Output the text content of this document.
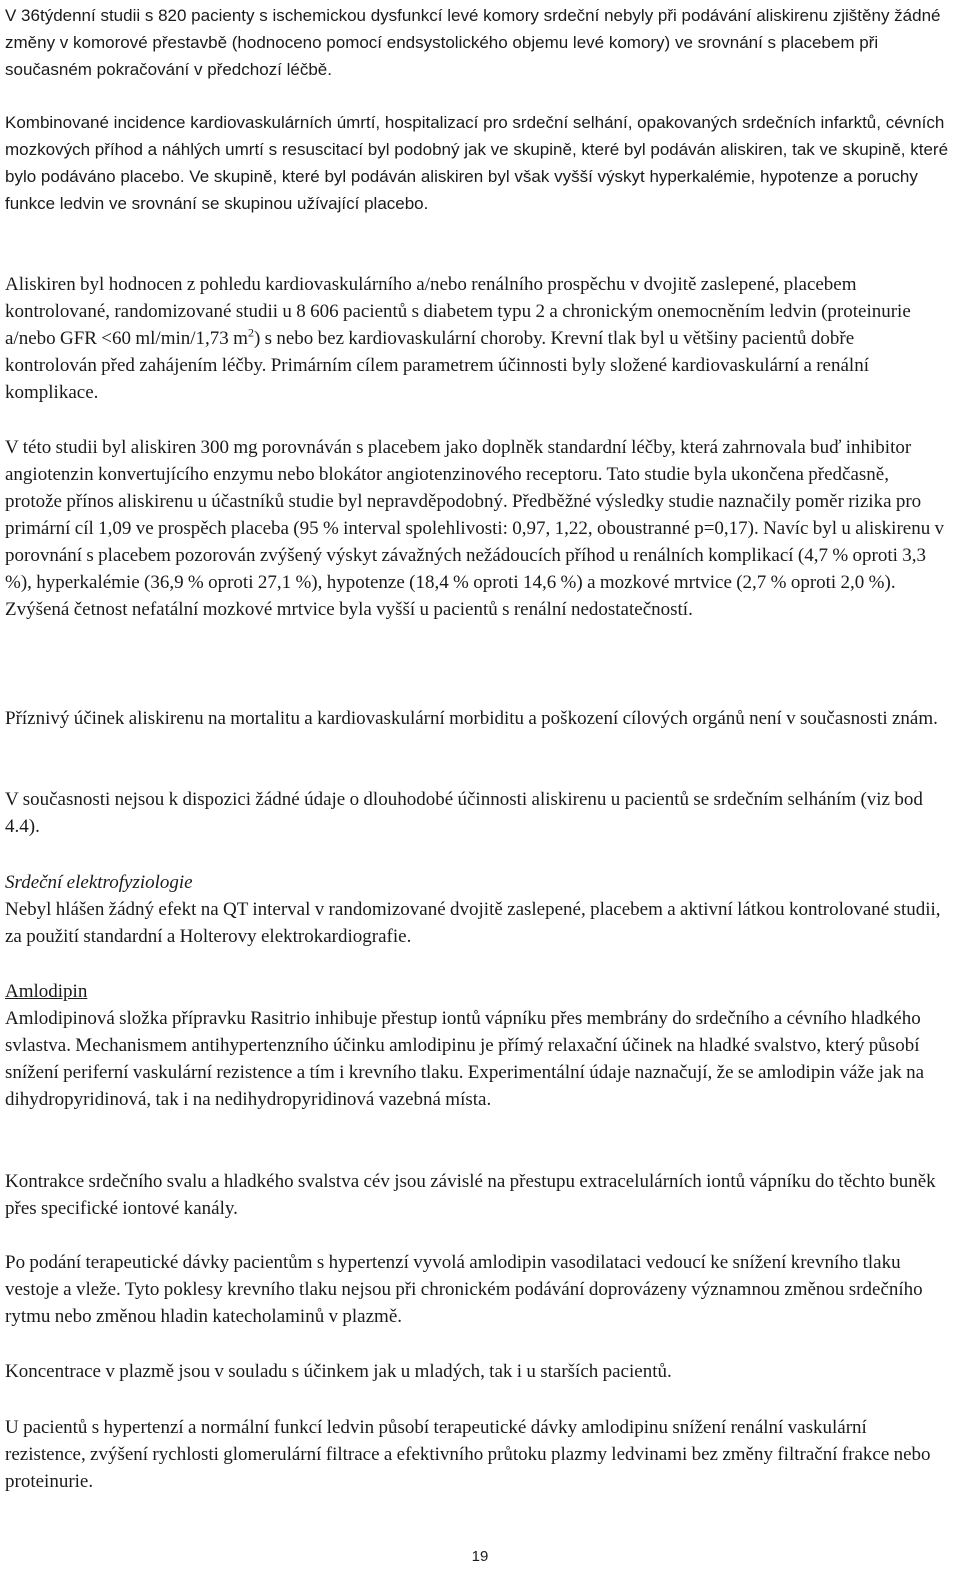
V 36týdenní studii s 820 pacienty s ischemickou dysfunkcí levé komory srdeční nebyly při podávání aliskirenu zjištěny žádné změny v komorové přestavbě (hodnoceno pomocí endsystolického objemu levé komory) ve srovnání s placebem při současném pokračování v předchozí léčbě.

Kombinované incidence kardiovaskulárních úmrtí, hospitalizací pro srdeční selhání, opakovaných srdečních infarktů, cévních mozkových příhod a náhlých umrtí s resuscitací byl podobný jak ve skupině, které byl podáván aliskiren, tak ve skupině, které bylo podáváno placebo. Ve skupině, které byl podáván aliskiren byl však vyšší výskyt hyperkalémie, hypotenze a poruchy funkce ledvin ve srovnání se skupinou užívající placebo.

Aliskiren byl hodnocen z pohledu kardiovaskulárního a/nebo renálního prospěchu v dvojitě zaslepené, placebem kontrolované, randomizované studii u 8 606 pacientů s diabetem typu 2 a chronickým onemocněním ledvin (proteinurie a/nebo GFR <60 ml/min/1,73 $m^2$) s nebo bez kardiovaskulární choroby. Krevní tlak byl u většiny pacientů dobře kontrolován před zahájením léčby. Primárním cílem parametrem účinnosti byly složené kardiovaskulární a renální komplikace.

V této studii byl aliskiren 300 mg porovnáván s placebem jako doplněk standardní léčby, která zahrnovala buď inhibitor angiotenzin konvertujícího enzymu nebo blokátor angiotenzinového receptoru. Tato studie byla ukončena předčasně, protože přínos aliskirenu u účastníků studie byl nepravděpodobný. Předběžné výsledky studie naznačily poměr rizika pro primární cíl 1,09 ve prospěch placeba (95 % interval spolehlivosti: 0,97, 1,22, oboustranné p=0,17). Navíc byl u aliskirenu v porovnání s placebem pozorován zvýšený výskyt závažných nežádoucích příhod u renálních komplikací (4,7 % oproti 3,3 %), hyperkalémie (36,9 % oproti 27,1 %), hypotenze (18,4 % oproti 14,6 %) a mozkové mrtvice (2,7 % oproti 2,0 %). Zvýšená četnost nefatální mozkové mrtvice byla vyšší u pacientů s renální nedostatečností.

Příznivý účinek aliskirenu na mortalitu a kardiovaskulární morbiditu a poškození cílových orgánů není v současnosti znám.

V současnosti nejsou k dispozici žádné údaje o dlouhodobé účinnosti aliskirenu u pacientů se srdečním selháním (viz bod 4.4).

Srdeční elektrofyziologie

Nebyl hlášen žádný efekt na QT interval v randomizované dvojitě zaslepené, placebem a aktivní látkou kontrolované studii, za použití standardní a Holterovy elektrokardiografie.

Amlodipin

Amlodipinová složka přípravku Rasitrio inhibuje přestup iontů vápníku přes membrány do srdečního a cévního hladkého svlastva. Mechanismem antihypertenzního účinku amlodipinu je přímý relaxační účinek na hladké svalstvo, který působí snížení periferní vaskulární rezistence a tím i krevního tlaku. Experimentální údaje naznačují, že se amlodipin váže jak na dihydropyridinová, tak i na nedihydropyridinová vazebná místa.

Kontrakce srdečního svalu a hladkého svalstva cév jsou závislé na přestupu extracelulárních iontů vápníku do těchto buněk přes specifické iontové kanály.

Po podání terapeutické dávky pacientům s hypertenzí vyvolá amlodipin vasodilataci vedoucí ke snížení krevního tlaku vestoje a vleže. Tyto poklesy krevního tlaku nejsou při chronickém podávání doprovázeny významnou změnou srdečního rytmu nebo změnou hladin katecholaminů v plazmě.

Koncentrace v plazmě jsou v souladu s účinkem jak u mladých, tak i u starších pacientů.

U pacientů s hypertenzí a normální funkcí ledvin působí terapeutické dávky amlodipinu snížení renální vaskulární rezistence, zvýšení rychlosti glomerulární filtrace a efektivního průtoku plazmy ledvinami bez změny filtrační frakce nebo proteinurie.

19
